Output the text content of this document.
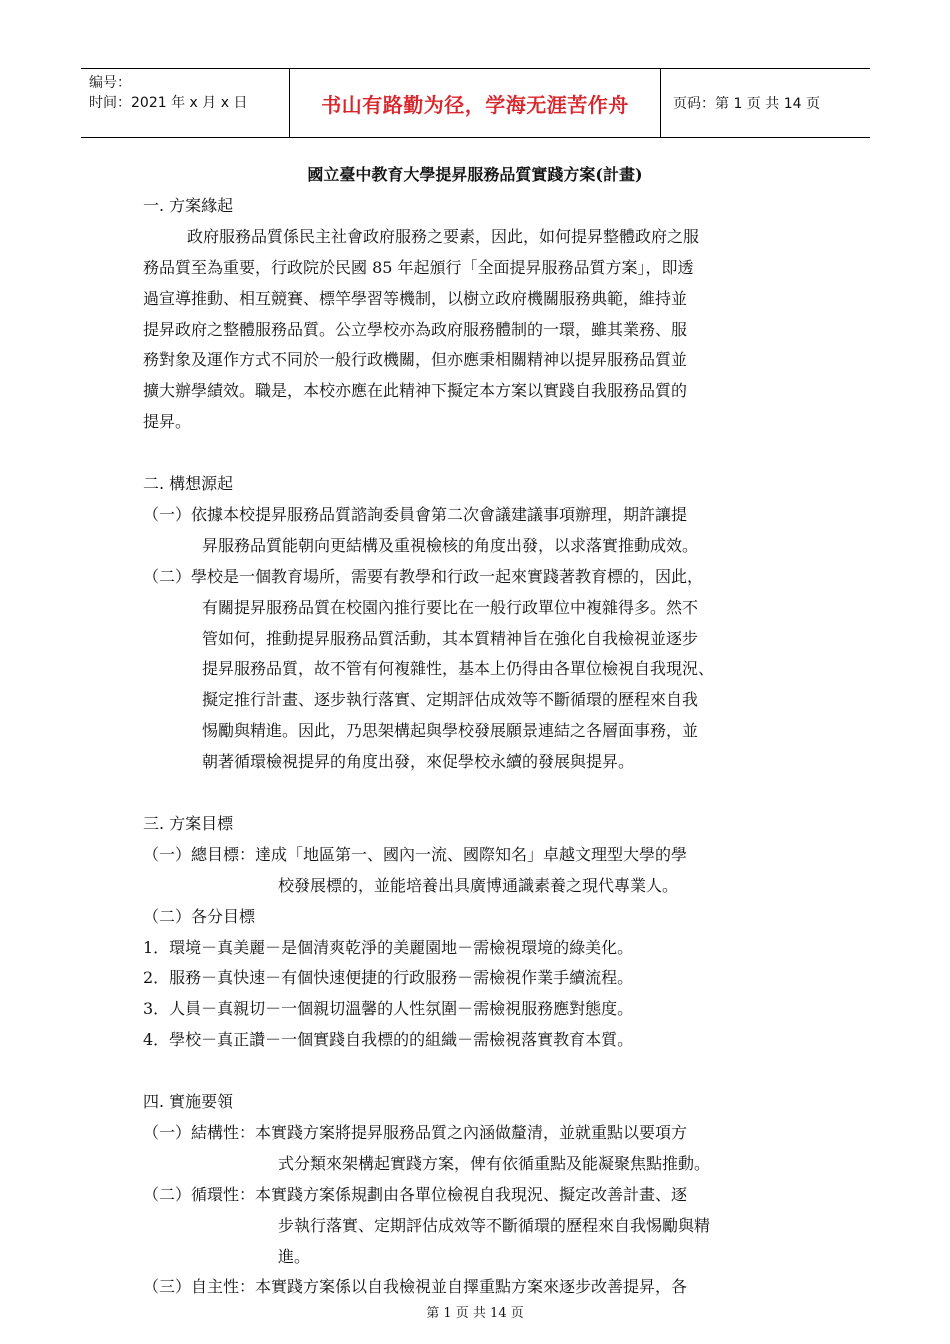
编号：
时间：2021 年 x 月 x 日	书山有路勤为径，学海无涯苦作舟	页码：第 1 页 共 14 页
國立臺中教育大學提昇服務品質實踐方案(計畫)
一. 方案緣起
政府服務品質係民主社會政府服務之要素，因此，如何提昇整體政府之服
務品質至為重要，行政院於民國 85 年起頒行「全面提昇服務品質方案」，即透
過宣導推動、相互競賽、標竿學習等機制，以樹立政府機關服務典範，維持並
提昇政府之整體服務品質。公立學校亦為政府服務體制的一環，雖其業務、服
務對象及運作方式不同於一般行政機關，但亦應秉相關精神以提昇服務品質並
擴大辦學績效。職是，本校亦應在此精神下擬定本方案以實踐自我服務品質的
提昇。
二. 構想源起
（一）依據本校提昇服務品質諮詢委員會第二次會議建議事項辦理，期許讓提
昇服務品質能朝向更結構及重視檢核的角度出發，以求落實推動成效。
（二）學校是一個教育場所，需要有教學和行政一起來實踐著教育標的，因此，
有關提昇服務品質在校園內推行要比在一般行政單位中複雜得多。然不
管如何，推動提昇服務品質活動，其本質精神旨在強化自我檢視並逐步
提昇服務品質，故不管有何複雜性，基本上仍得由各單位檢視自我現況、
擬定推行計畫、逐步執行落實、定期評估成效等不斷循環的歷程來自我
惕勵與精進。因此，乃思架構起與學校發展願景連結之各層面事務，並
朝著循環檢視提昇的角度出發，來促學校永續的發展與提昇。
三. 方案目標
（一）總目標：達成「地區第一、國內一流、國際知名」卓越文理型大學的學
校發展標的，並能培養出具廣博通識素養之現代專業人。
（二）各分目標
1．環境－真美麗－是個清爽乾淨的美麗園地－需檢視環境的綠美化。
2．服務－真快速－有個快速便捷的行政服務－需檢視作業手續流程。
3．人員－真親切－一個親切溫馨的人性氛圍－需檢視服務應對態度。
4．學校－真正讚－一個實踐自我標的的組織－需檢視落實教育本質。
四. 實施要領
（一）結構性：本實踐方案將提昇服務品質之內涵做釐清，並就重點以要項方
式分類來架構起實踐方案，俾有依循重點及能凝聚焦點推動。
（二）循環性：本實踐方案係規劃由各單位檢視自我現況、擬定改善計畫、逐
步執行落實、定期評估成效等不斷循環的歷程來自我惕勵與精
進。
（三）自主性：本實踐方案係以自我檢視並自擇重點方案來逐步改善提昇，各
第 1 页 共 14 页
